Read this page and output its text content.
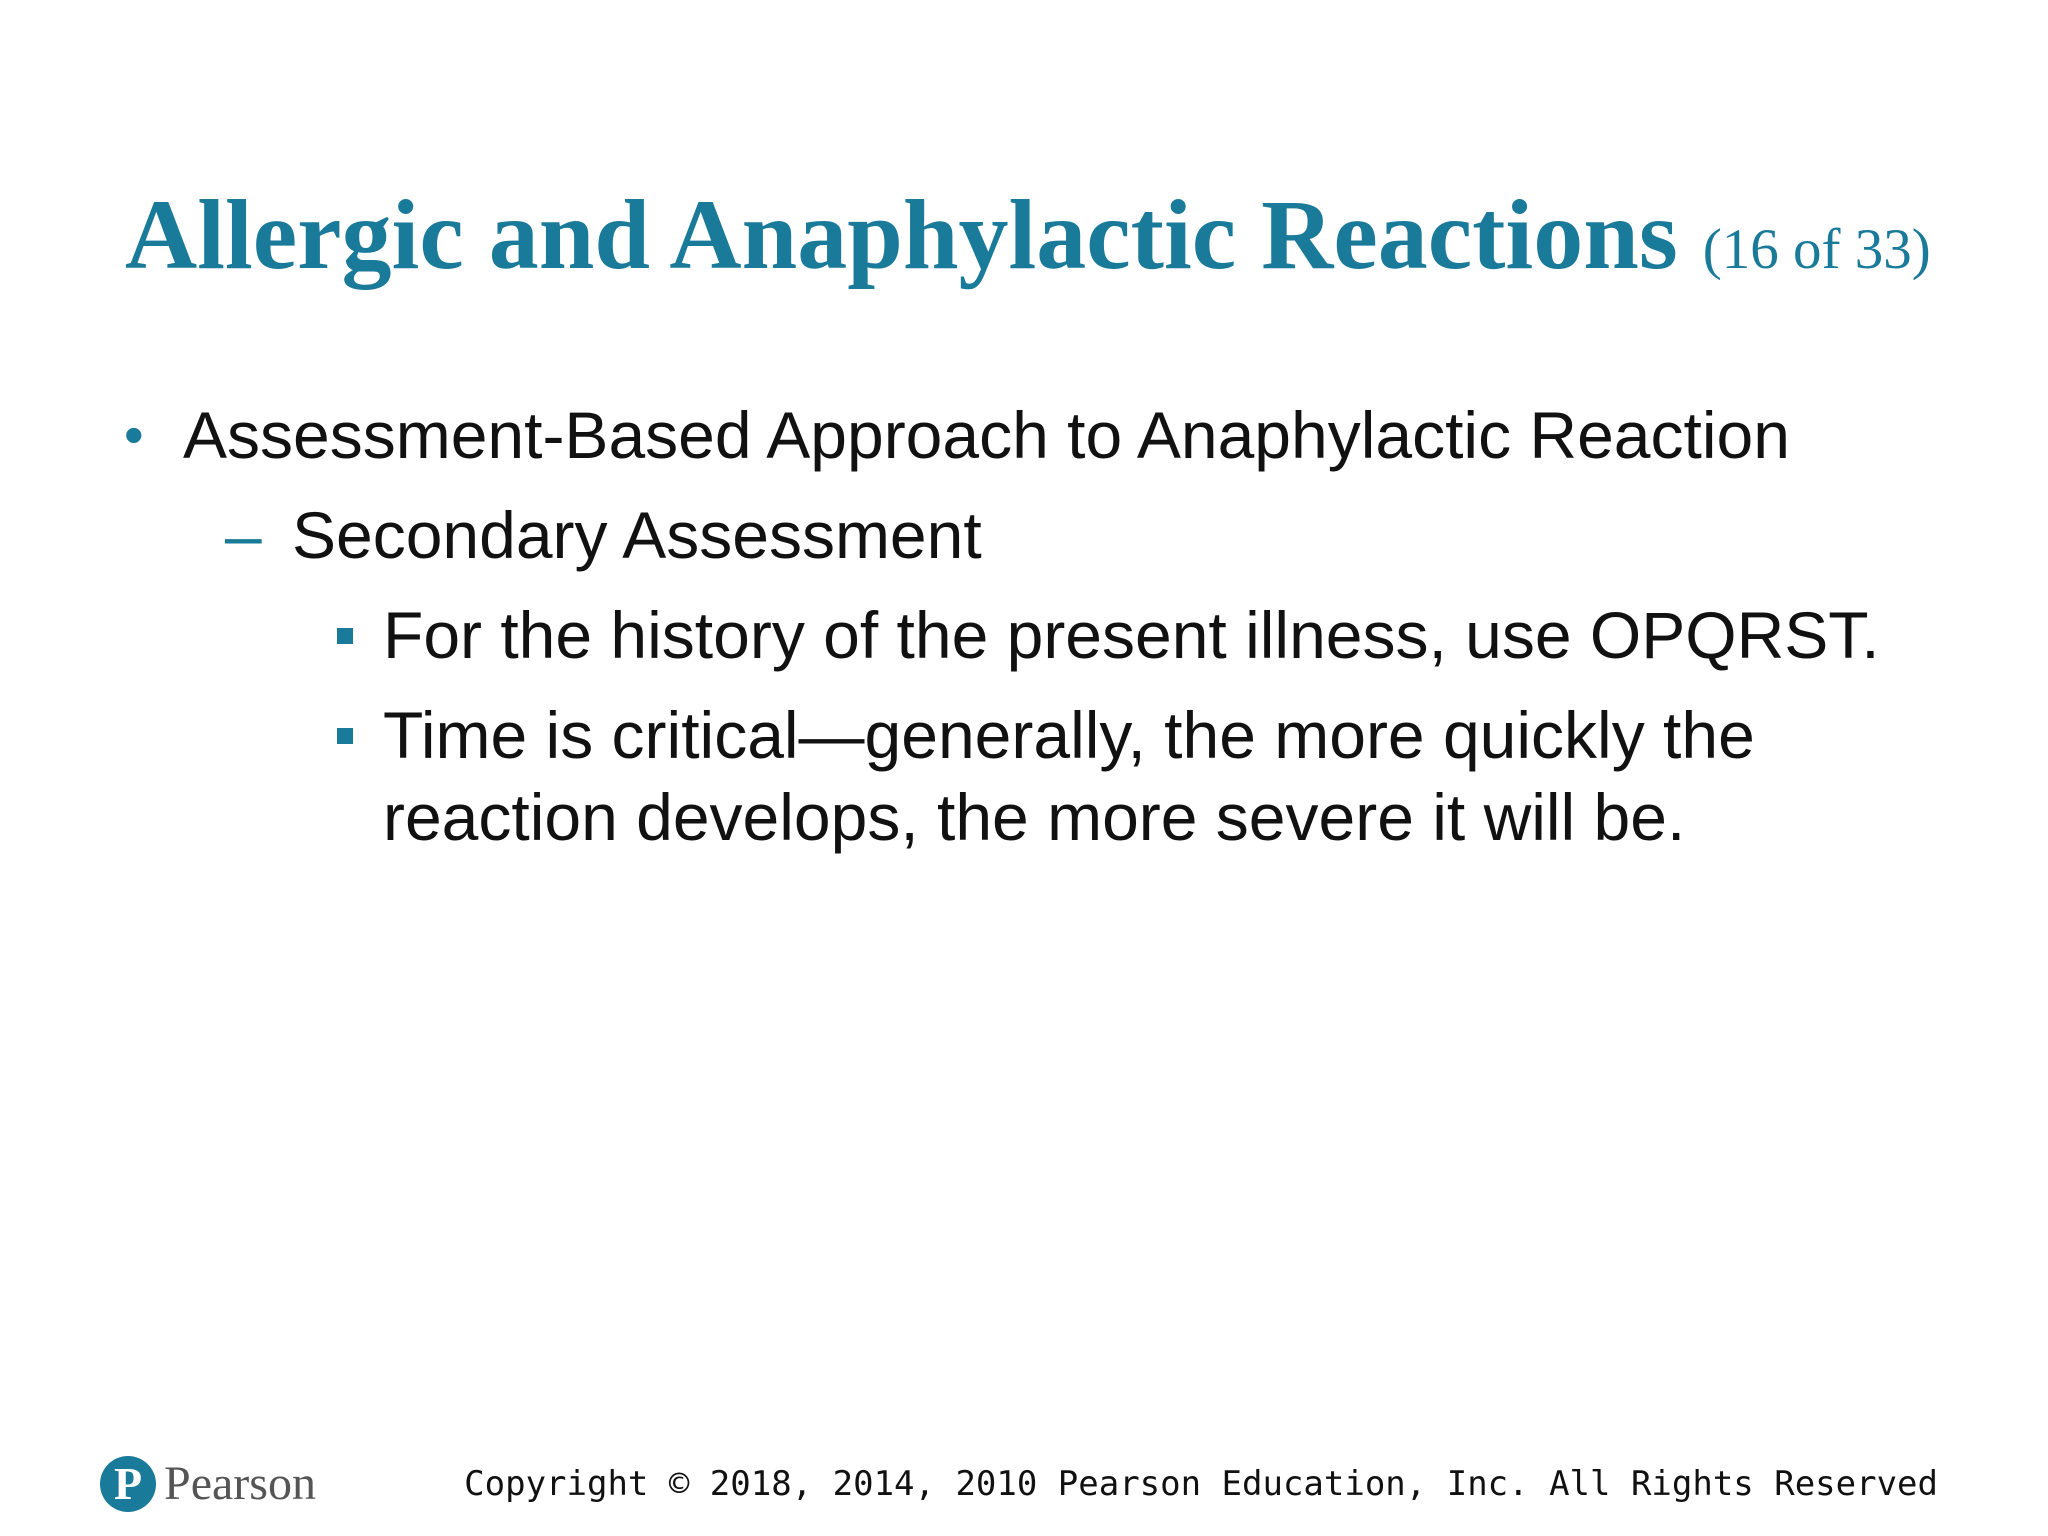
Allergic and Anaphylactic Reactions (16 of 33)
• Assessment-Based Approach to Anaphylactic Reaction
– Secondary Assessment
For the history of the present illness, use OPQRST.
Time is critical—generally, the more quickly the reaction develops, the more severe it will be.
P Pearson	Copyright © 2018, 2014, 2010 Pearson Education, Inc. All Rights Reserved
